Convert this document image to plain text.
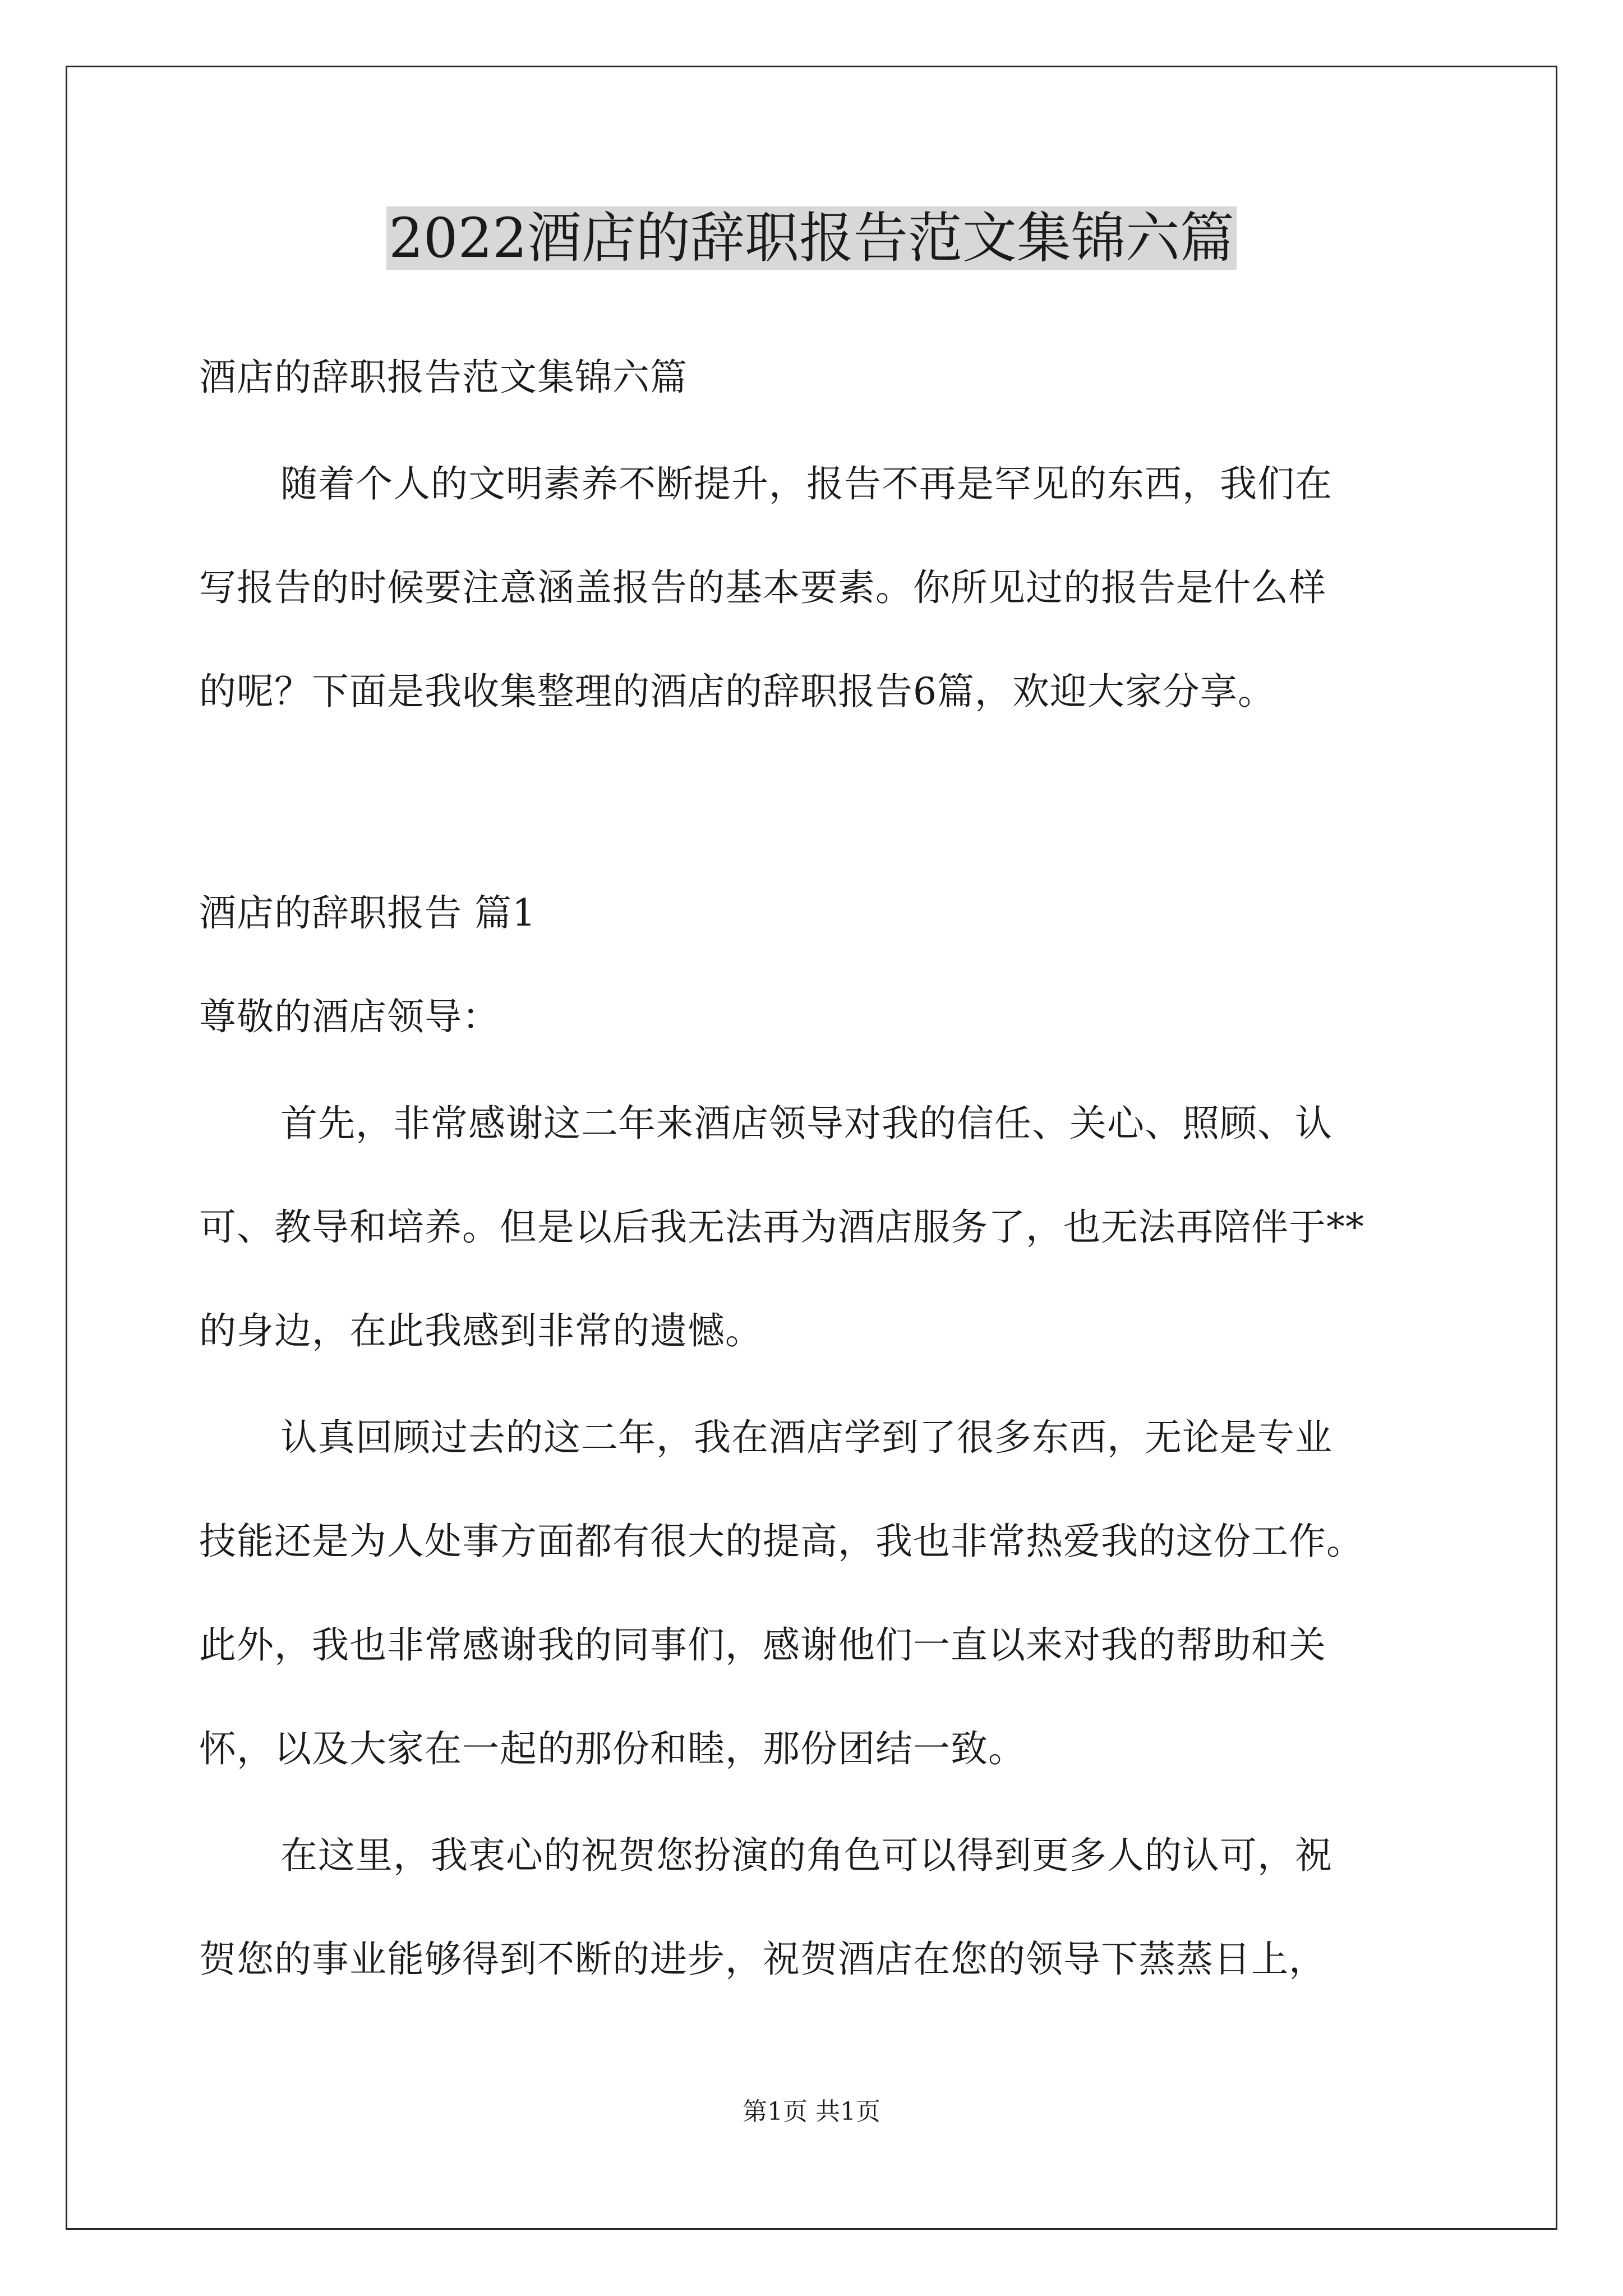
2022酒店的辞职报告范文集锦六篇
酒店的辞职报告范文集锦六篇
随着个人的文明素养不断提升，报告不再是罕见的东西，我们在
写报告的时候要注意涵盖报告的基本要素。你所见过的报告是什么样
的呢？下面是我收集整理的酒店的辞职报告6篇，欢迎大家分享。
酒店的辞职报告 篇1
尊敬的酒店领导：
首先，非常感谢这二年来酒店领导对我的信任、关心、照顾、认
可、教导和培养。但是以后我无法再为酒店服务了，也无法再陪伴于**
的身边，在此我感到非常的遗憾。
认真回顾过去的这二年，我在酒店学到了很多东西，无论是专业
技能还是为人处事方面都有很大的提高，我也非常热爱我的这份工作。
此外，我也非常感谢我的同事们，感谢他们一直以来对我的帮助和关
怀，以及大家在一起的那份和睦，那份团结一致。
在这里，我衷心的祝贺您扮演的角色可以得到更多人的认可，祝
贺您的事业能够得到不断的进步，祝贺酒店在您的领导下蒸蒸日上，
第1页 共1页
